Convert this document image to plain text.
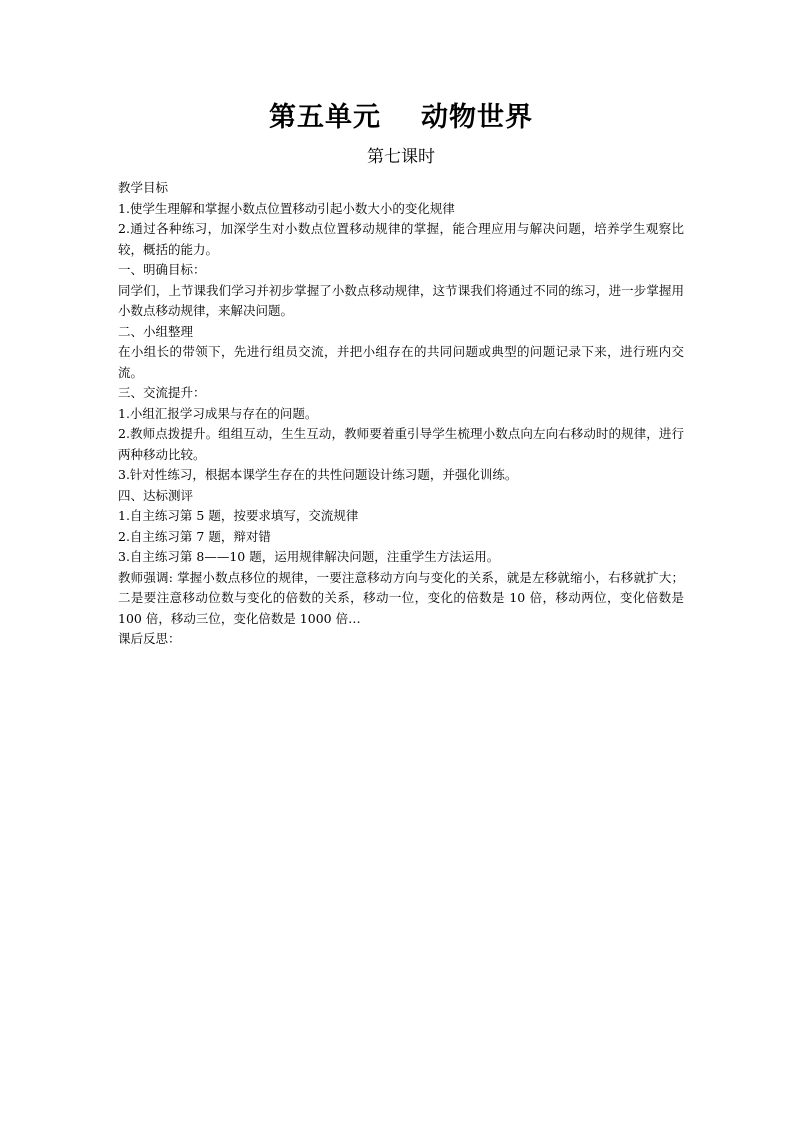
第五单元 动物世界
第七课时

教学目标

1.使学生理解和掌握小数点位置移动引起小数大小的变化规律

2.通过各种练习，加深学生对小数点位置移动规律的掌握，能合理应用与解决问题，培养学生观察比较，概括的能力。

一、明确目标：

同学们，上节课我们学习并初步掌握了小数点移动规律，这节课我们将通过不同的练习，进一步掌握用小数点移动规律，来解决问题。

二、小组整理

在小组长的带领下，先进行组员交流，并把小组存在的共同问题或典型的问题记录下来，进行班内交流。

三、交流提升：

1.小组汇报学习成果与存在的问题。

2.教师点拨提升。组组互动，生生互动，教师要着重引导学生梳理小数点向左向右移动时的规律，进行两种移动比较。

3.针对性练习，根据本课学生存在的共性问题设计练习题，并强化训练。

四、达标测评

1.自主练习第 5 题，按要求填写，交流规律

2.自主练习第 7 题，辩对错

3.自主练习第 8——10 题，运用规律解决问题，注重学生方法运用。

教师强调: 掌握小数点移位的规律，一要注意移动方向与变化的关系，就是左移就缩小，右移就扩大；二是要注意移动位数与变化的倍数的关系，移动一位，变化的倍数是 10 倍，移动两位，变化倍数是 100 倍，移动三位，变化倍数是 1000 倍…

课后反思：
